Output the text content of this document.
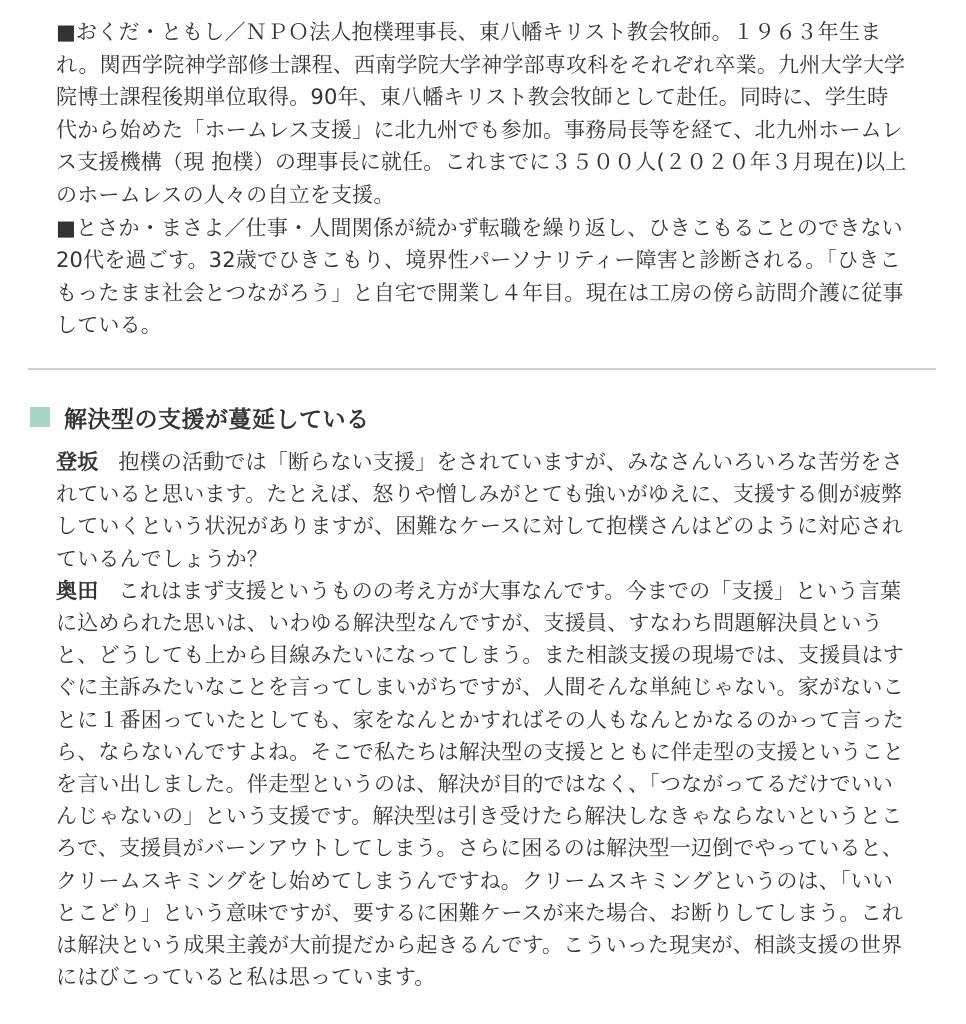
■おくだ・ともし／ＮＰＯ法人抱樸理事長、東八幡キリスト教会牧師。１９６３年生まれ。関西学院神学部修士課程、西南学院大学神学部専攻科をそれぞれ卒業。九州大学大学院博士課程後期単位取得。90年、東八幡キリスト教会牧師として赴任。同時に、学生時代から始めた「ホームレス支援」に北九州でも参加。事務局長等を経て、北九州ホームレス支援機構（現 抱樸）の理事長に就任。これまでに３５００人(２０２０年３月現在)以上のホームレスの人々の自立を支援。

■とさか・まさよ／仕事・人間関係が続かず転職を繰り返し、ひきこもることのできない20代を過ごす。32歳でひきこもり、境界性パーソナリティー障害と診断される。「ひきこもったまま社会とつながろう」と自宅で開業し４年目。現在は工房の傍ら訪問介護に従事している。

解決型の支援が蔓延している

登坂 抱樸の活動では「断らない支援」をされていますが、みなさんいろいろな苦労をされていると思います。たとえば、怒りや憎しみがとても強いがゆえに、支援する側が疲弊していくという状況がありますが、困難なケースに対して抱樸さんはどのように対応されているんでしょうか？

奥田 これはまず支援というものの考え方が大事なんです。今までの「支援」という言葉に込められた思いは、いわゆる解決型なんですが、支援員、すなわち問題解決員というと、どうしても上から目線みたいになってしまう。また相談支援の現場では、支援員はすぐに主訴みたいなことを言ってしまいがちですが、人間そんな単純じゃない。家がないことに１番困っていたとしても、家をなんとかすればその人もなんとかなるのかって言ったら、ならないんですよね。そこで私たちは解決型の支援とともに伴走型の支援ということを言い出しました。伴走型というのは、解決が目的ではなく、「つながってるだけでいいんじゃないの」という支援です。解決型は引き受けたら解決しなきゃならないというところで、支援員がバーンアウトしてしまう。さらに困るのは解決型一辺倒でやっていると、クリームスキミングをし始めてしまうんですね。クリームスキミングというのは、「いいとこどり」という意味ですが、要するに困難ケースが来た場合、お断りしてしまう。これは解決という成果主義が大前提だから起きるんです。こういった現実が、相談支援の世界にはびこっていると私は思っています。
